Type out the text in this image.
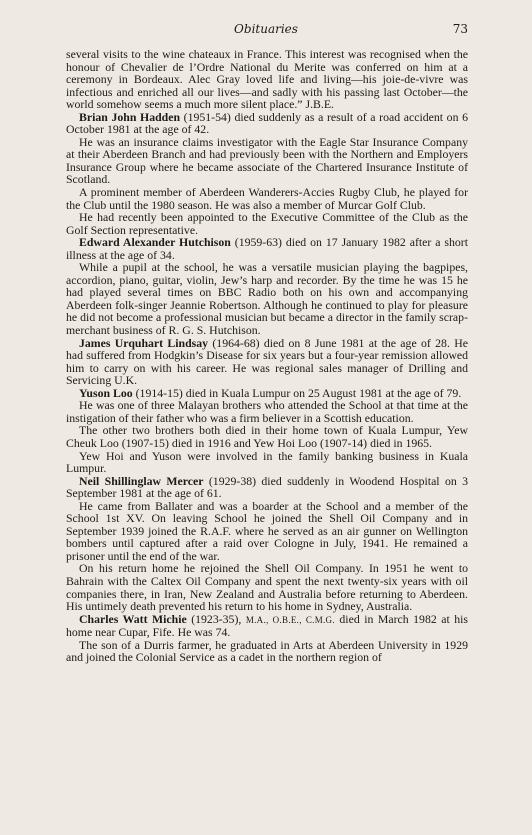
Obituaries	73

several visits to the wine chateaux in France. This interest was recognised when the honour of Chevalier de l’Ordre National du Merite was conferred on him at a ceremony in Bordeaux. Alec Gray loved life and living—his joie-de-vivre was infectious and enriched all our lives—and sadly with his passing last October—the world somehow seems a much more silent place.” J.B.E.

Brian John Hadden (1951-54) died suddenly as a result of a road accident on 6 October 1981 at the age of 42.

He was an insurance claims investigator with the Eagle Star Insurance Company at their Aberdeen Branch and had previously been with the Northern and Employers Insurance Group where he became associate of the Chartered Insurance Institute of Scotland.

A prominent member of Aberdeen Wanderers-Accies Rugby Club, he played for the Club until the 1980 season. He was also a member of Murcar Golf Club.

He had recently been appointed to the Executive Committee of the Club as the Golf Section representative.

Edward Alexander Hutchison (1959-63) died on 17 January 1982 after a short illness at the age of 34.

While a pupil at the school, he was a versatile musician playing the bagpipes, accordion, piano, guitar, violin, Jew’s harp and recorder. By the time he was 15 he had played several times on BBC Radio both on his own and accompanying Aberdeen folk-singer Jeannie Robertson. Although he continued to play for pleasure he did not become a professional musician but became a director in the family scrap-merchant business of R. G. S. Hutchison.

James Urquhart Lindsay (1964-68) died on 8 June 1981 at the age of 28. He had suffered from Hodgkin’s Disease for six years but a four-year remission allowed him to carry on with his career. He was regional sales manager of Drilling and Servicing U.K.

Yuson Loo (1914-15) died in Kuala Lumpur on 25 August 1981 at the age of 79.

He was one of three Malayan brothers who attended the School at that time at the instigation of their father who was a firm believer in a Scottish education.

The other two brothers both died in their home town of Kuala Lumpur, Yew Cheuk Loo (1907-15) died in 1916 and Yew Hoi Loo (1907-14) died in 1965.

Yew Hoi and Yuson were involved in the family banking business in Kuala Lumpur.

Neil Shillinglaw Mercer (1929-38) died suddenly in Woodend Hospital on 3 September 1981 at the age of 61.

He came from Ballater and was a boarder at the School and a member of the School 1st XV. On leaving School he joined the Shell Oil Company and in September 1939 joined the R.A.F. where he served as an air gunner on Wellington bombers until captured after a raid over Cologne in July, 1941. He remained a prisoner until the end of the war.

On his return home he rejoined the Shell Oil Company. In 1951 he went to Bahrain with the Caltex Oil Company and spent the next twenty-six years with oil companies there, in Iran, New Zealand and Australia before returning to Aberdeen. His untimely death prevented his return to his home in Sydney, Australia.

Charles Watt Michie (1923-35), M.A., O.B.E., C.M.G. died in March 1982 at his home near Cupar, Fife. He was 74.

The son of a Durris farmer, he graduated in Arts at Aberdeen University in 1929 and joined the Colonial Service as a cadet in the northern region of
